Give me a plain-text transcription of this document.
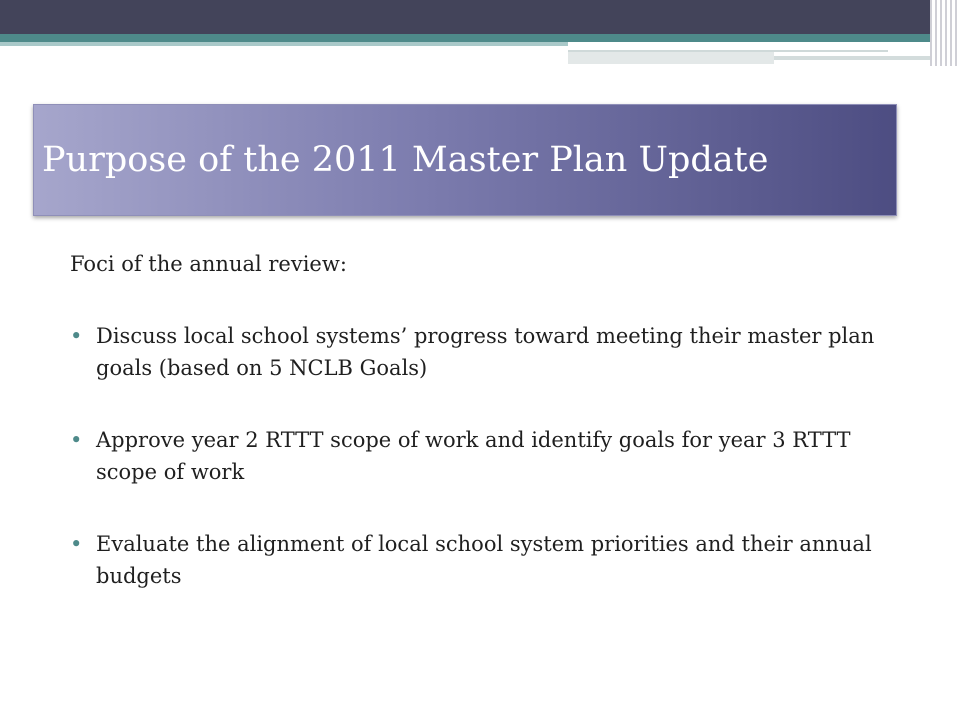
Purpose of the 2011 Master Plan Update

Foci of the annual review:

• Discuss local school systems’ progress toward meeting their master plan goals (based on 5 NCLB Goals)
• Approve year 2 RTTT scope of work and identify goals for year 3 RTTT scope of work
• Evaluate the alignment of local school system priorities and their annual budgets
